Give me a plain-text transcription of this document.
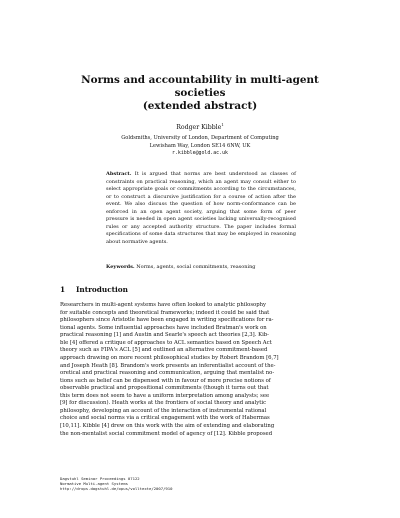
Norms and accountability in multi-agent
societies
(extended abstract)
Rodger Kibble$^1$
Goldsmiths, University of London, Department of Computing
Lewisham Way, London SE14 6NW, UK
r.kibble@gold.ac.uk
Abstract. It is argued that norms are best understood as classes of constraints on practical reasoning, which an agent may consult either to select appropriate goals or commitments according to the circumstances, or to construct a discursive justification for a course of action after the event. We also discuss the question of how norm-conformance can be enforced in an open agent society, arguing that some form of peer pressure is needed in open agent societies lacking universally-recognised rules or any accepted authority structure. The paper includes formal specifications of some data structures that may be employed in reasoning about normative agents.
Keywords. Norms, agents, social commitments, reasoning
1 Introduction
Researchers in multi-agent systems have often looked to analytic philosophy
for suitable concepts and theoretical frameworks; indeed it could be said that
philosophers since Aristotle have been engaged in writing specifications for ra-
tional agents. Some influential approaches have included Bratman's work on
practical reasoning [1] and Austin and Searle's speech act theories [2,3]. Kib-
ble [4] offered a critique of approaches to ACL semantics based on Speech Act
theory such as FIPA's ACL [5] and outlined an alternative commitment-based
approach drawing on more recent philosophical studies by Robert Brandom [6,7]
and Joseph Heath [8]. Brandom's work presents an inferentialist account of the-
oretical and practical reasoning and communication, arguing that mentalist no-
tions such as belief can be dispensed with in favour of more precise notions of
observable practical and propositional commitments (though it turns out that
this term does not seem to have a uniform interpretation among analysts; see
[9] for discussion). Heath works at the frontiers of social theory and analytic
philosophy, developing an account of the interaction of instrumental rational
choice and social norms via a critical engagement with the work of Habermas
[10,11]. Kibble [4] drew on this work with the aim of extending and elaborating
the non-mentalist social commitment model of agency of [12]. Kibble proposed
Dagstuhl Seminar Proceedings 07122
Normative Multi-agent Systems
http://drops.dagstuhl.de/opus/volltexte/2007/910
